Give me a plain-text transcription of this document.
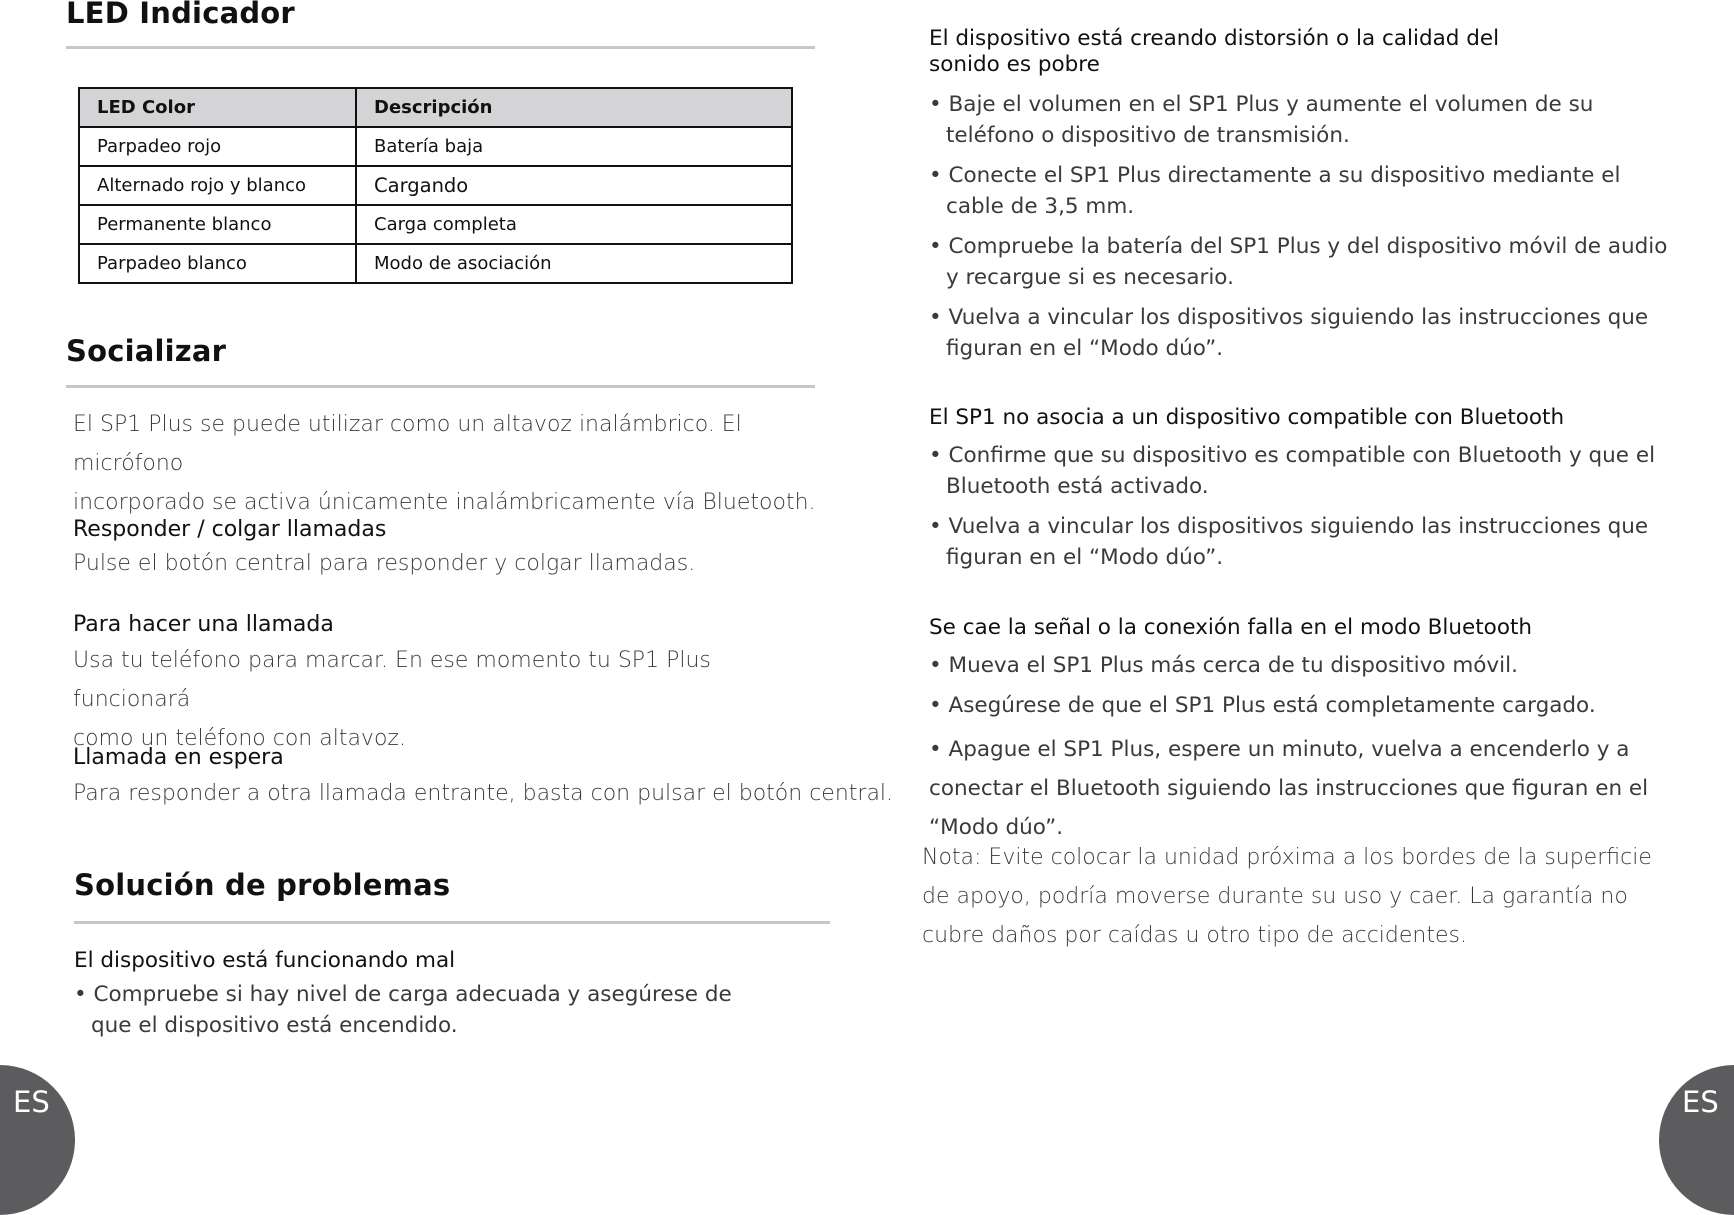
LED Indicador
LED Color	Descripción
Parpadeo rojo	Batería baja
Alternado rojo y blanco	Cargando
Permanente blanco	Carga completa
Parpadeo blanco	Modo de asociación
Socializar

El SP1 Plus se puede utilizar como un altavoz inalámbrico. El micrófono

incorporado se activa únicamente inalámbricamente vía Bluetooth.

Responder / colgar llamadas

Pulse el botón central para responder y colgar llamadas.

Para hacer una llamada

Usa tu teléfono para marcar. En ese momento tu SP1 Plus funcionará

como un teléfono con altavoz.

Llamada en espera

Para responder a otra llamada entrante, basta con pulsar el botón central.

Solución de problemas

El dispositivo está funcionando mal

• Compruebe si hay nivel de carga adecuada y asegúrese de que el dispositivo está encendido.

El dispositivo está creando distorsión o la calidad del sonido es pobre

• Baje el volumen en el SP1 Plus y aumente el volumen de su teléfono o dispositivo de transmisión.

• Conecte el SP1 Plus directamente a su dispositivo mediante el cable de 3,5 mm.

• Compruebe la batería del SP1 Plus y del dispositivo móvil de audio y recargue si es necesario.

• Vuelva a vincular los dispositivos siguiendo las instrucciones que figuran en el “Modo dúo”.

El SP1 no asocia a un dispositivo compatible con Bluetooth

• Confirme que su dispositivo es compatible con Bluetooth y que el Bluetooth está activado.

• Vuelva a vincular los dispositivos siguiendo las instrucciones que figuran en el “Modo dúo”.

Se cae la señal o la conexión falla en el modo Bluetooth

• Mueva el SP1 Plus más cerca de tu dispositivo móvil.

• Asegúrese de que el SP1 Plus está completamente cargado.

• Apague el SP1 Plus, espere un minuto, vuelva a encenderlo y a conectar el Bluetooth siguiendo las instrucciones que figuran en el “Modo dúo”.

Nota: Evite colocar la unidad próxima a los bordes de la superficie de apoyo, podría moverse durante su uso y caer. La garantía no cubre daños por caídas u otro tipo de accidentes.

ES	ES
